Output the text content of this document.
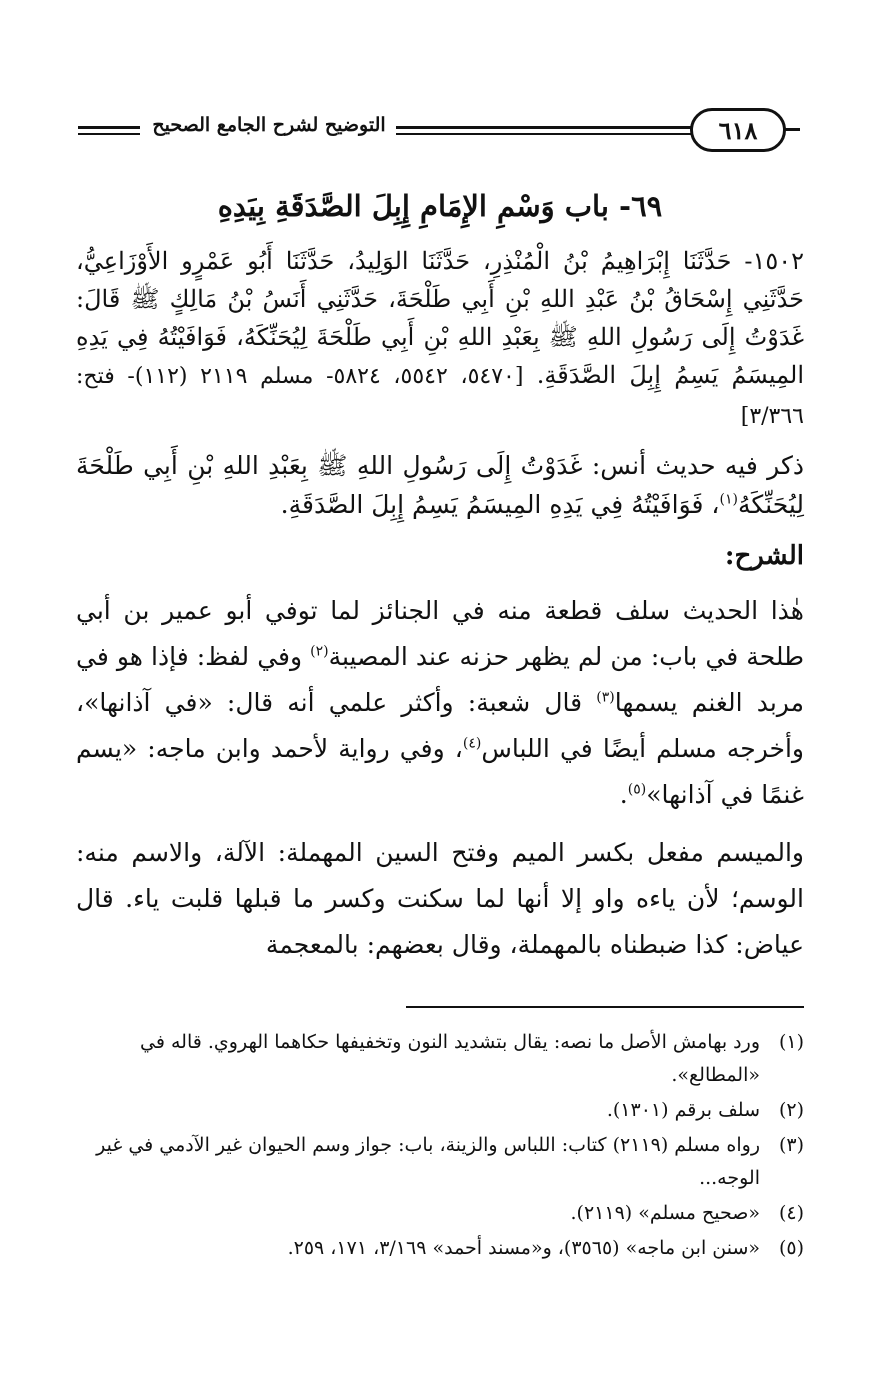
التوضيح لشرح الجامع الصحيح	٦١٨
٦٩- باب وَسْمِ الإِمَامِ إِبِلَ الصَّدَقَةِ بِيَدِهِ

١٥٠٢- حَدَّثَنَا إِبْرَاهِيمُ بْنُ الْمُنْذِرِ، حَدَّثَنَا الوَلِيدُ، حَدَّثَنَا أَبُو عَمْرٍو الأَوْزَاعِيُّ، حَدَّثَنِي إِسْحَاقُ بْنُ عَبْدِ اللهِ بْنِ أَبِي طَلْحَةَ، حَدَّثَنِي أَنَسُ بْنُ مَالِكٍ ﷺ قَالَ: غَدَوْتُ إِلَى رَسُولِ اللهِ ﷺ بِعَبْدِ اللهِ بْنِ أَبِي طَلْحَةَ لِيُحَنِّكَهُ، فَوَافَيْتُهُ فِي يَدِهِ المِيسَمُ يَسِمُ إِبِلَ الصَّدَقَةِ. [٥٤٧٠، ٥٥٤٢، ٥٨٢٤- مسلم ٢١١٩ (١١٢)- فتح: ٣/٣٦٦]

ذكر فيه حديث أنس: غَدَوْتُ إِلَى رَسُولِ اللهِ ﷺ بِعَبْدِ اللهِ بْنِ أَبِي طَلْحَةَ لِيُحَنِّكَهُ$^{(١)}$، فَوَافَيْتُهُ فِي يَدِهِ المِيسَمُ يَسِمُ إِبِلَ الصَّدَقَةِ.

الشرح:

هٰذا الحديث سلف قطعة منه في الجنائز لما توفي أبو عمير بن أبي طلحة في باب: من لم يظهر حزنه عند المصيبة$^{(٢)}$ وفي لفظ: فإذا هو في مربد الغنم يسمها$^{(٣)}$ قال شعبة: وأكثر علمي أنه قال: «في آذانها»، وأخرجه مسلم أيضًا في اللباس$^{(٤)}$، وفي رواية لأحمد وابن ماجه: «يسم غنمًا في آذانها»$^{(٥)}$.

والميسم مفعل بكسر الميم وفتح السين المهملة: الآلة، والاسم منه: الوسم؛ لأن ياءه واو إلا أنها لما سكنت وكسر ما قبلها قلبت ياء. قال عياض: كذا ضبطناه بالمهملة، وقال بعضهم: بالمعجمة

(١)
ورد بهامش الأصل ما نصه: يقال بتشديد النون وتخفيفها حكاهما الهروي. قاله في «المطالع».
(٢)
سلف برقم (١٣٠١).
(٣)
رواه مسلم (٢١١٩) كتاب: اللباس والزينة، باب: جواز وسم الحيوان غير الآدمي في غير الوجه...
(٤)
«صحيح مسلم» (٢١١٩).
(٥)
«سنن ابن ماجه» (٣٥٦٥)، و«مسند أحمد» ٣/١٦٩، ١٧١، ٢٥٩.
